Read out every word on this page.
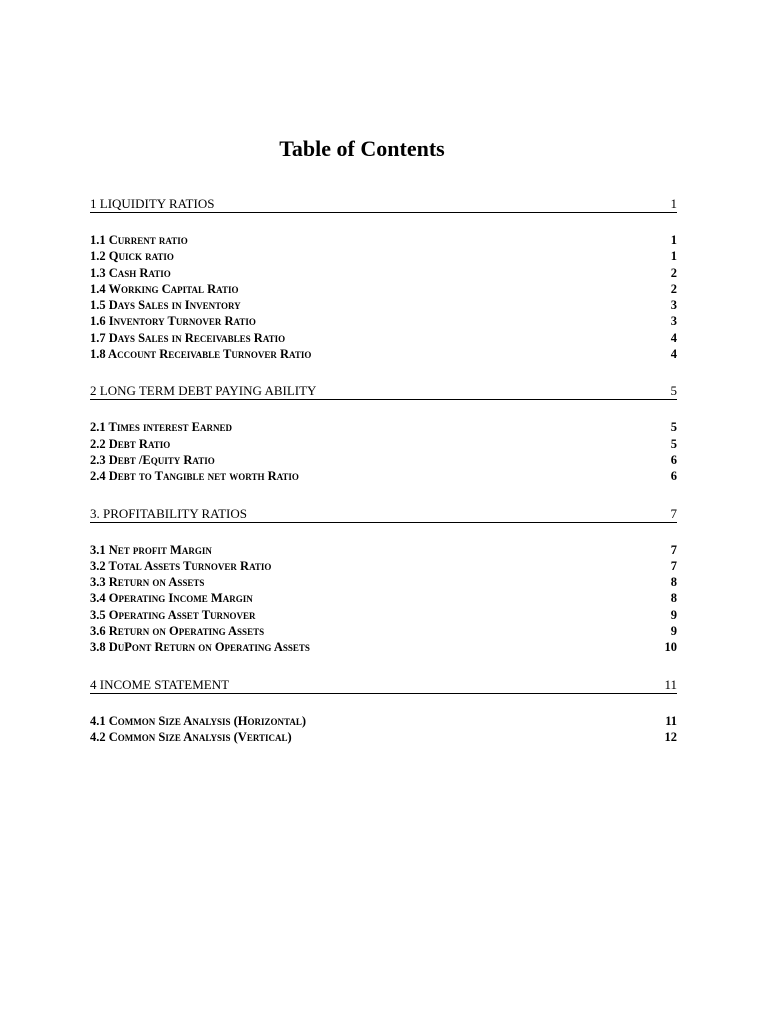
Table of Contents
1 LIQUIDITY RATIOS	1
1.1 Current ratio	1
1.2 Quick ratio	1
1.3 Cash Ratio	2
1.4 Working Capital Ratio	2
1.5 Days Sales in Inventory	3
1.6 Inventory Turnover Ratio	3
1.7 Days Sales in Receivables Ratio	4
1.8 Account Receivable Turnover Ratio	4
2 LONG TERM DEBT PAYING ABILITY	5
2.1 Times interest Earned	5
2.2 Debt Ratio	5
2.3 Debt /Equity Ratio	6
2.4 Debt to Tangible net worth Ratio	6
3. PROFITABILITY RATIOS	7
3.1 Net profit Margin	7
3.2 Total Assets Turnover Ratio	7
3.3 Return on Assets	8
3.4 Operating Income Margin	8
3.5 Operating Asset Turnover	9
3.6 Return on Operating Assets	9
3.8 DuPont Return on Operating Assets	10
4 INCOME STATEMENT	11
4.1 Common Size Analysis (Horizontal)	11
4.2 Common Size Analysis (Vertical)	12
